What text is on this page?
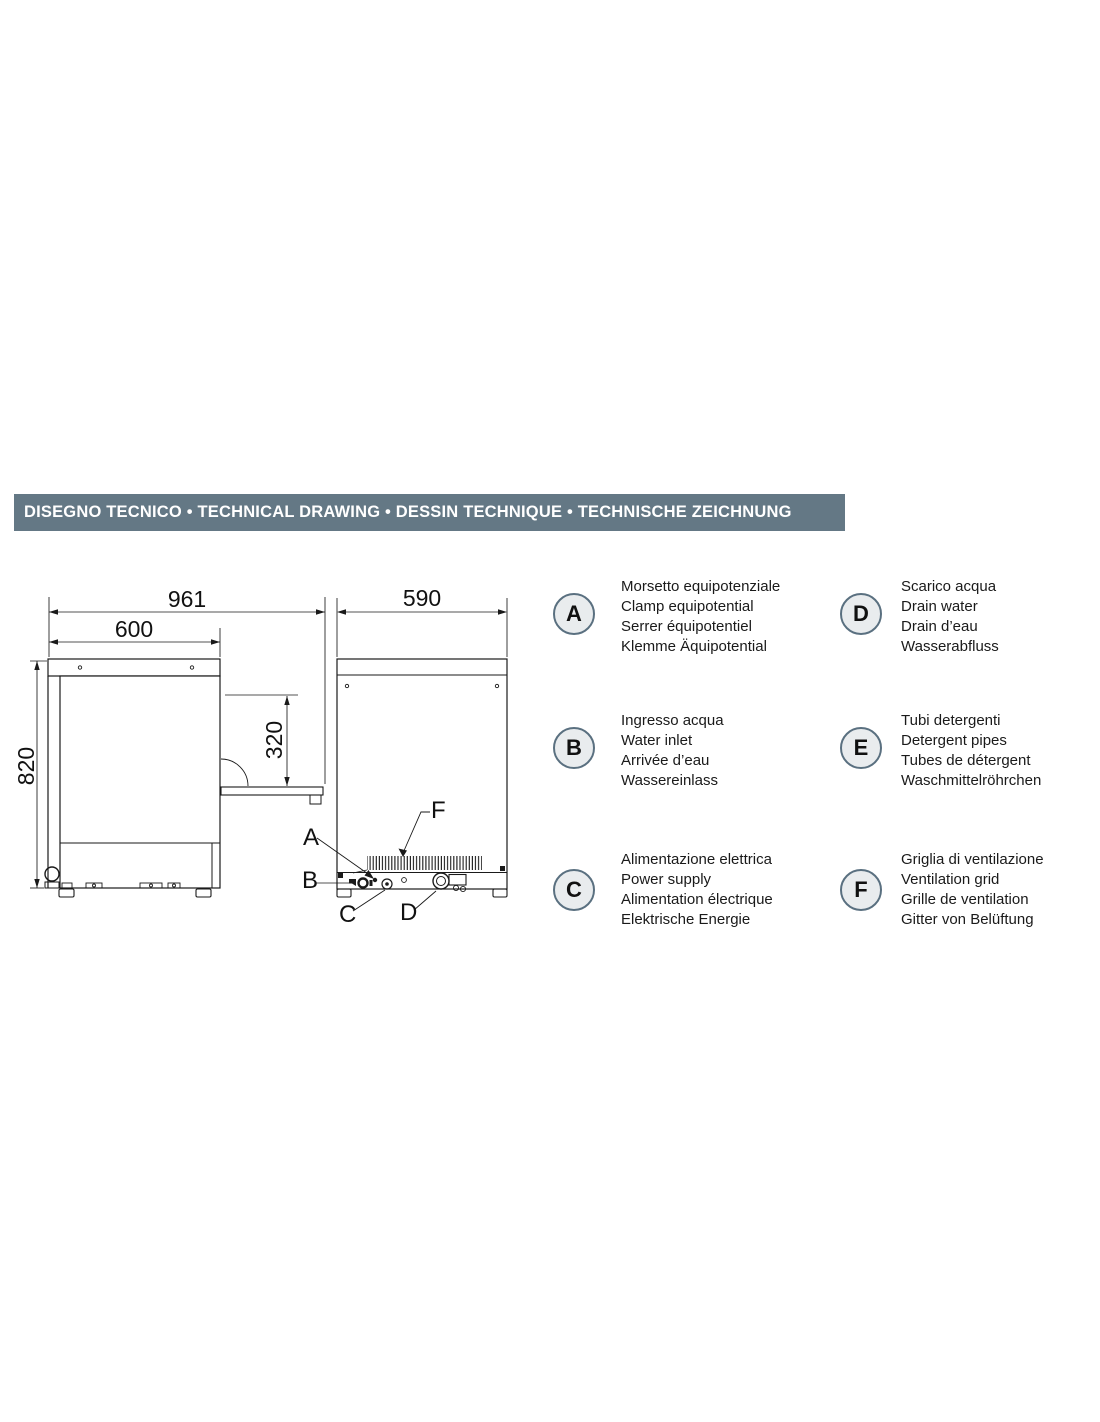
DISEGNO TECNICO • TECHNICAL DRAWING • DESSIN TECHNIQUE • TECHNISCHE ZEICHNUNG
961
600
820
320
590
F
A
B
C D
A
Morsetto equipotenziale
Clamp equipotential
Serrer équipotentiel
Klemme Äquipotential
D
Scarico acqua
Drain water
Drain d’eau
Wasserabfluss
B
Ingresso acqua
Water inlet
Arrivée d’eau
Wassereinlass
E
Tubi detergenti
Detergent pipes
Tubes de détergent
Waschmittelröhrchen
C
Alimentazione elettrica
Power supply
Alimentation électrique
Elektrische Energie
F
Griglia di ventilazione
Ventilation grid
Grille de ventilation
Gitter von Belüftung
